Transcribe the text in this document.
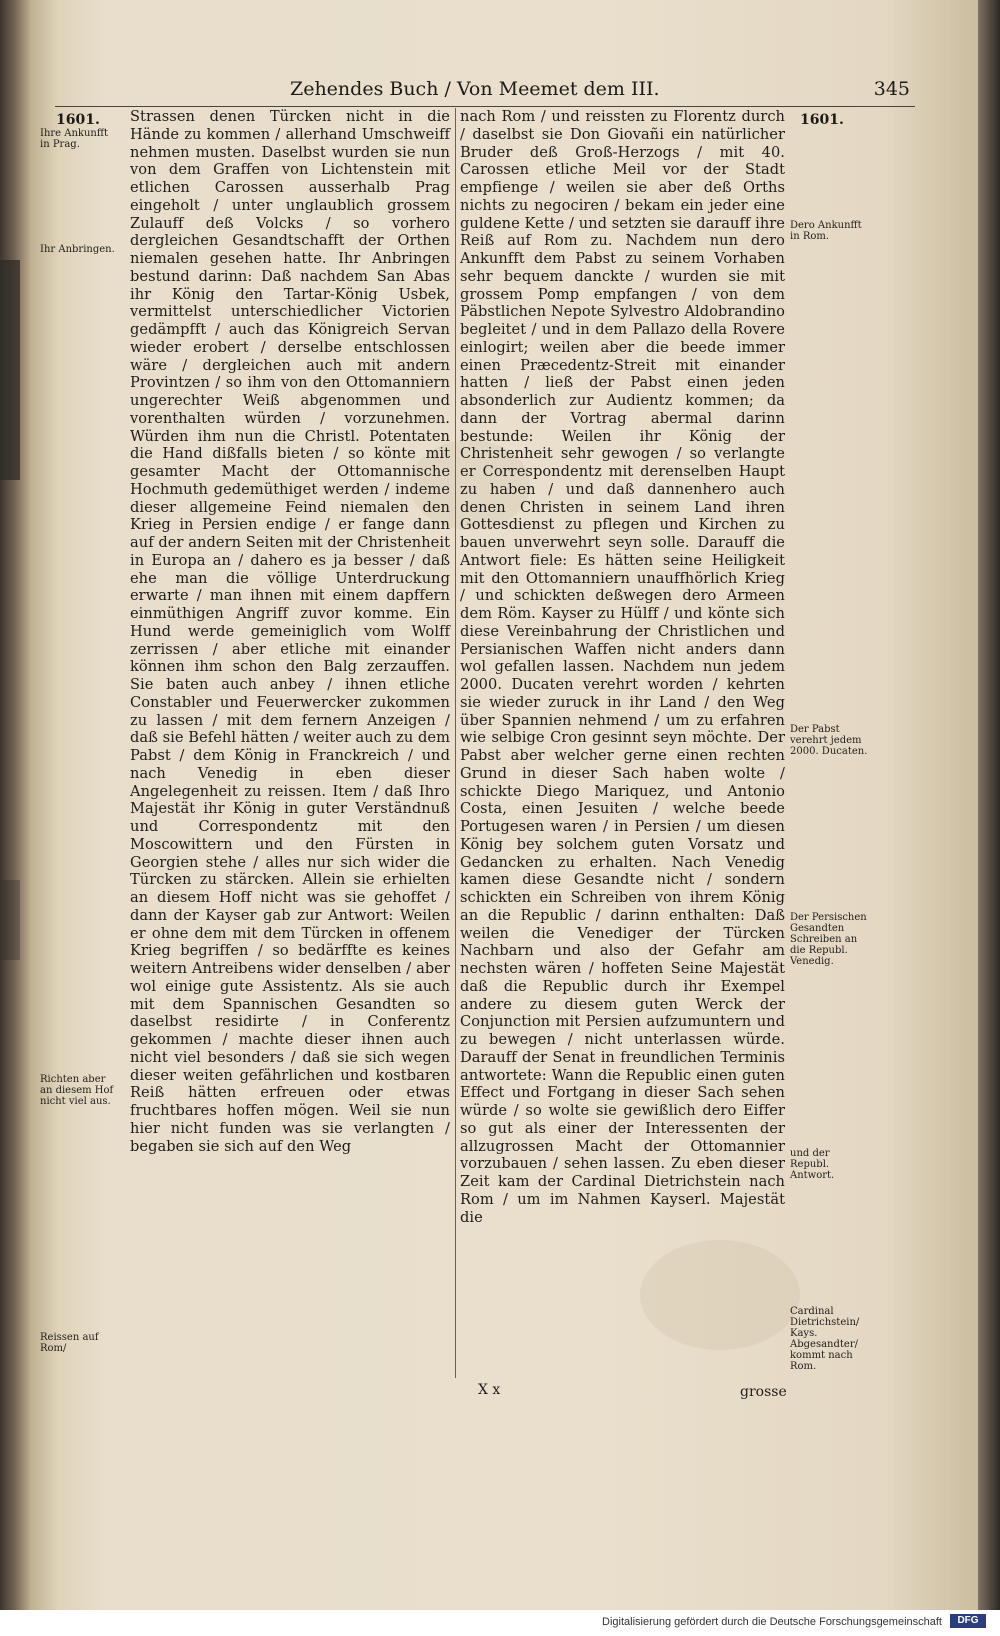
Zehendes Buch / Von Meemet dem III.	345
1601.	1601.
Ihre Ankunfft in Prag.
Ihr Anbringen.
Richten aber an diesem Hof nicht viel aus.
Reissen auf Rom/
Dero Ankunfft in Rom.
Der Pabst verehrt jedem 2000. Ducaten.
Der Persischen Gesandten Schreiben an die Republ. Venedig.
und der Republ. Antwort.
Cardinal Dietrichstein/ Kays. Abgesandter/ kommt nach Rom.

Strassen denen Türcken nicht in die Hände zu kommen / allerhand Umschweiff nehmen musten. Daselbst wurden sie nun von dem Graffen von Lichtenstein mit etlichen Carossen ausserhalb Prag eingeholt / unter unglaublich grossem Zulauff deß Volcks / so vorhero dergleichen Gesandtschafft der Orthen niemalen gesehen hatte. Ihr Anbringen bestund darinn: Daß nachdem San Abas ihr König den Tartar-König Usbek, vermittelst unterschiedlicher Victorien gedämpfft / auch das Königreich Servan wieder erobert / derselbe entschlossen wäre / dergleichen auch mit andern Provintzen / so ihm von den Ottomanniern ungerechter Weiß abgenommen und vorenthalten würden / vorzunehmen. Würden ihm nun die Christl. Potentaten die Hand dißfalls bieten / so könte mit gesamter Macht der Ottomannische Hochmuth gedemüthiget werden / indeme dieser allgemeine Feind niemalen den Krieg in Persien endige / er fange dann auf der andern Seiten mit der Christenheit in Europa an / dahero es ja besser / daß ehe man die völlige Unterdruckung erwarte / man ihnen mit einem dapffern einmüthigen Angriff zuvor komme. Ein Hund werde gemeiniglich vom Wolff zerrissen / aber etliche mit einander können ihm schon den Balg zerzauffen. Sie baten auch anbey / ihnen etliche Constabler und Feuerwercker zukommen zu lassen / mit dem fernern Anzeigen / daß sie Befehl hätten / weiter auch zu dem Pabst / dem König in Franckreich / und nach Venedig in eben dieser Angelegenheit zu reissen. Item / daß Ihro Majestät ihr König in guter Verständnuß und Correspondentz mit den Moscowittern und den Fürsten in Georgien stehe / alles nur sich wider die Türcken zu stärcken. Allein sie erhielten an diesem Hoff nicht was sie gehoffet / dann der Kayser gab zur Antwort: Weilen er ohne dem mit dem Türcken in offenem Krieg begriffen / so bedärffte es keines weitern Antreibens wider denselben / aber wol einige gute Assistentz. Als sie auch mit dem Spannischen Gesandten so daselbst residirte / in Conferentz gekommen / machte dieser ihnen auch nicht viel besonders / daß sie sich wegen dieser weiten gefährlichen und kostbaren Reiß hätten erfreuen oder etwas fruchtbares hoffen mögen. Weil sie nun hier nicht funden was sie verlangten / begaben sie sich auf den Weg

nach Rom / und reissten zu Florentz durch / daselbst sie Don Giovañi ein natürlicher Bruder deß Groß-Herzogs / mit 40. Carossen etliche Meil vor der Stadt empfienge / weilen sie aber deß Orths nichts zu negociren / bekam ein jeder eine guldene Kette / und setzten sie darauff ihre Reiß auf Rom zu. Nachdem nun dero Ankunfft dem Pabst zu seinem Vorhaben sehr bequem danckte / wurden sie mit grossem Pomp empfangen / von dem Päbstlichen Nepote Sylvestro Aldobrandino begleitet / und in dem Pallazo della Rovere einlogirt; weilen aber die beede immer einen Præcedentz-Streit mit einander hatten / ließ der Pabst einen jeden absonderlich zur Audientz kommen; da dann der Vortrag abermal darinn bestunde: Weilen ihr König der Christenheit sehr gewogen / so verlangte er Correspondentz mit derenselben Haupt zu haben / und daß dannenhero auch denen Christen in seinem Land ihren Gottesdienst zu pflegen und Kirchen zu bauen unverwehrt seyn solle. Darauff die Antwort fiele: Es hätten seine Heiligkeit mit den Ottomanniern unauffhörlich Krieg / und schickten deßwegen dero Armeen dem Röm. Kayser zu Hülff / und könte sich diese Vereinbahrung der Christlichen und Persianischen Waffen nicht anders dann wol gefallen lassen. Nachdem nun jedem 2000. Ducaten verehrt worden / kehrten sie wieder zuruck in ihr Land / den Weg über Spannien nehmend / um zu erfahren wie selbige Cron gesinnt seyn möchte. Der Pabst aber welcher gerne einen rechten Grund in dieser Sach haben wolte / schickte Diego Mariquez, und Antonio Costa, einen Jesuiten / welche beede Portugesen waren / in Persien / um diesen König bey solchem guten Vorsatz und Gedancken zu erhalten. Nach Venedig kamen diese Gesandte nicht / sondern schickten ein Schreiben von ihrem König an die Republic / darinn enthalten: Daß weilen die Venediger der Türcken Nachbarn und also der Gefahr am nechsten wären / hoffeten Seine Majestät daß die Republic durch ihr Exempel andere zu diesem guten Werck der Conjunction mit Persien aufzumuntern und zu bewegen / nicht unterlassen würde. Darauff der Senat in freundlichen Terminis antwortete: Wann die Republic einen guten Effect und Fortgang in dieser Sach sehen würde / so wolte sie gewißlich dero Eiffer so gut als einer der Interessenten der allzugrossen Macht der Ottomannier vorzubauen / sehen lassen. Zu eben dieser Zeit kam der Cardinal Dietrichstein nach Rom / um im Nahmen Kayserl. Majestät die

X x	grosse
Digitalisierung gefördert durch die Deutsche Forschungsgemeinschaft	DFG
